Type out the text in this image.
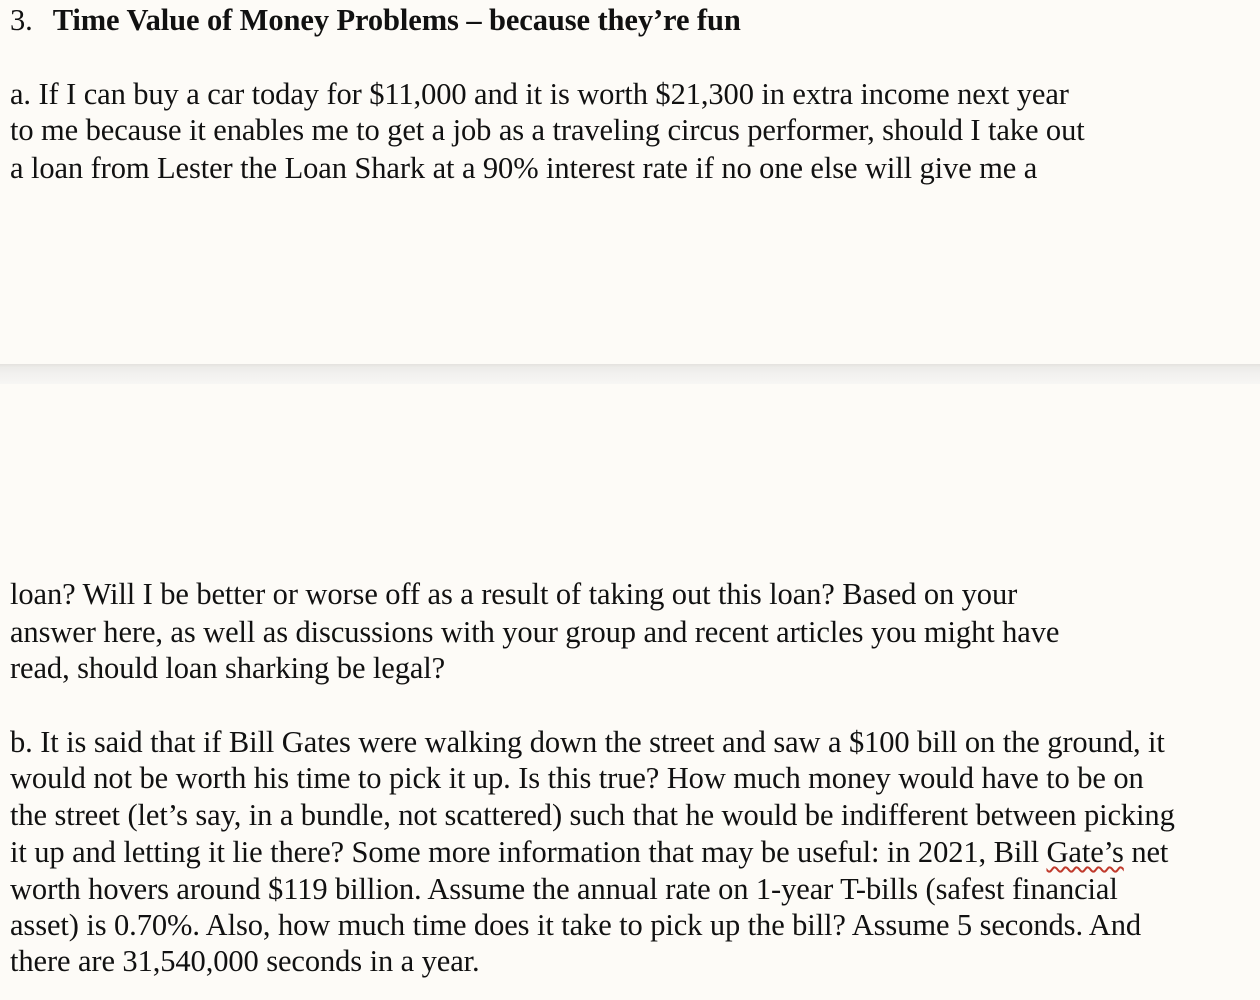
3. Time Value of Money Problems – because they’re fun

a. If I can buy a car today for $11,000 and it is worth $21,300 in extra income next year

to me because it enables me to get a job as a traveling circus performer, should I take out

a loan from Lester the Loan Shark at a 90% interest rate if no one else will give me a

loan? Will I be better or worse off as a result of taking out this loan? Based on your

answer here, as well as discussions with your group and recent articles you might have

read, should loan sharking be legal?

b. It is said that if Bill Gates were walking down the street and saw a $100 bill on the ground, it

would not be worth his time to pick it up. Is this true? How much money would have to be on

the street (let’s say, in a bundle, not scattered) such that he would be indifferent between picking

it up and letting it lie there? Some more information that may be useful: in 2021, Bill Gate’s net

worth hovers around $119 billion. Assume the annual rate on 1-year T-bills (safest financial

asset) is 0.70%. Also, how much time does it take to pick up the bill? Assume 5 seconds. And

there are 31,540,000 seconds in a year.
